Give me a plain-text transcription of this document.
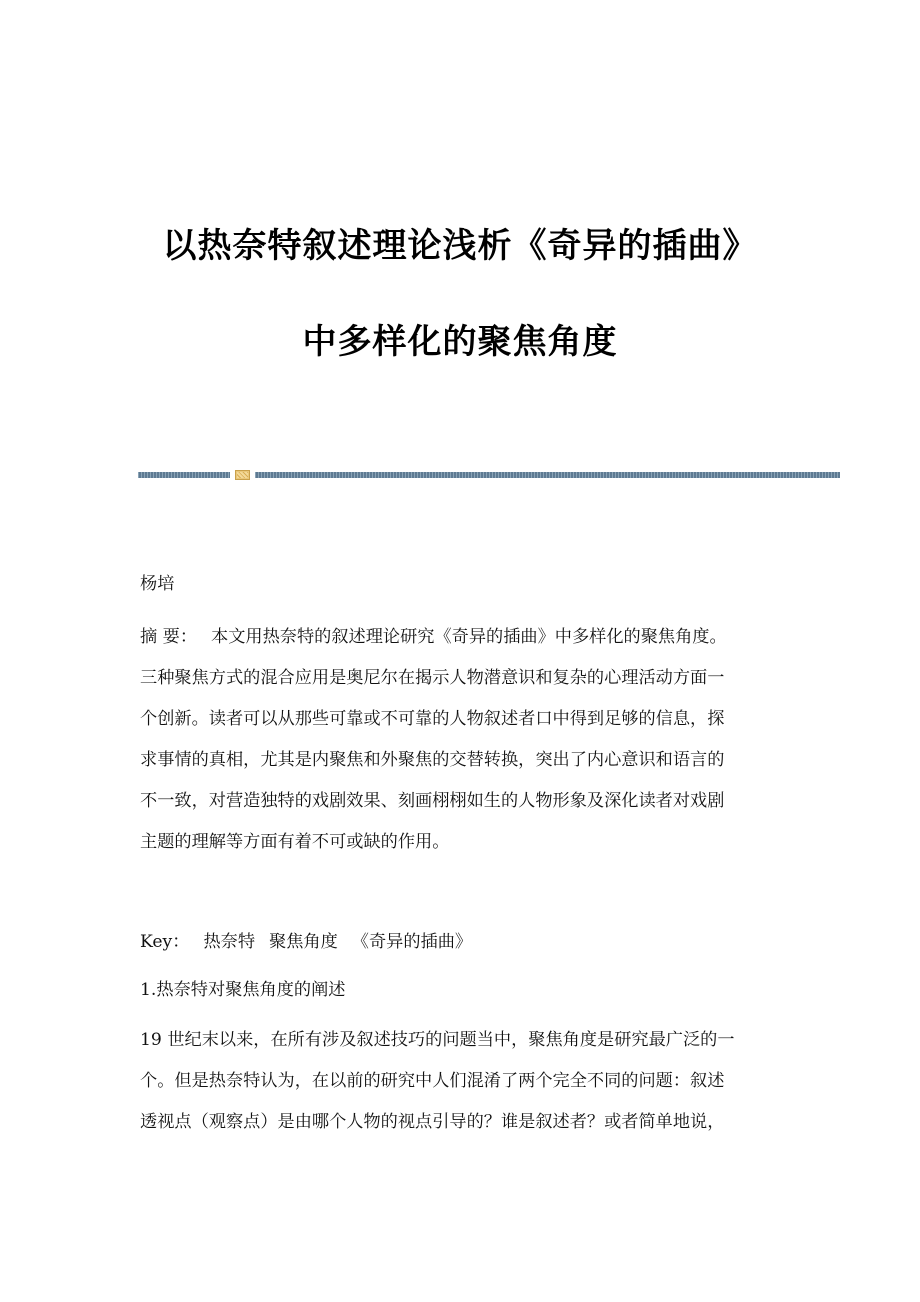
以热奈特叙述理论浅析《奇异的插曲》
中多样化的聚焦角度
杨培
摘 要： 本文用热奈特的叙述理论研究《奇异的插曲》中多样化的聚焦角度。
三种聚焦方式的混合应用是奥尼尔在揭示人物潜意识和复杂的心理活动方面一
个创新。读者可以从那些可靠或不可靠的人物叙述者口中得到足够的信息，探
求事情的真相，尤其是内聚焦和外聚焦的交替转换，突出了内心意识和语言的
不一致，对营造独特的戏剧效果、刻画栩栩如生的人物形象及深化读者对戏剧
主题的理解等方面有着不可或缺的作用。
Key： 热奈特 聚焦角度 《奇异的插曲》
1.热奈特对聚焦角度的阐述
19 世纪末以来，在所有涉及叙述技巧的问题当中，聚焦角度是研究最广泛的一
个。但是热奈特认为，在以前的研究中人们混淆了两个完全不同的问题：叙述
透视点（观察点）是由哪个人物的视点引导的？谁是叙述者？或者简单地说，
